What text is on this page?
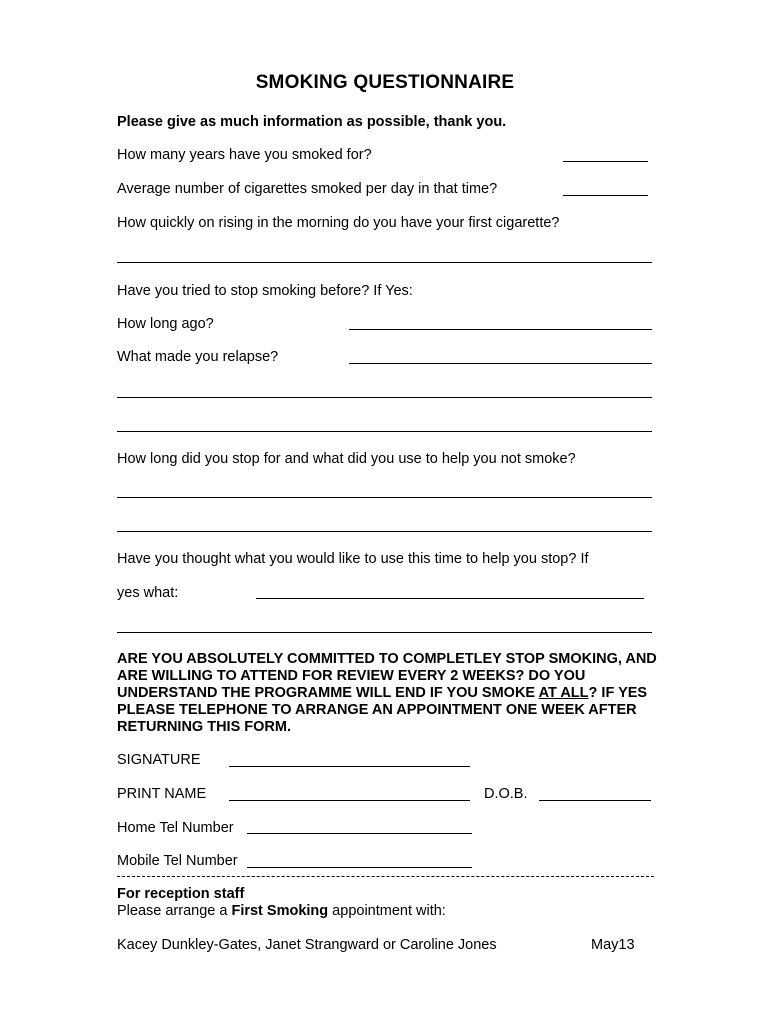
SMOKING QUESTIONNAIRE
Please give as much information as possible, thank you.
How many years have you smoked for?
Average number of cigarettes smoked per day in that time?
How quickly on rising in the morning do you have your first cigarette?
Have you tried to stop smoking before? If Yes:
How long ago?
What made you relapse?
How long did you stop for and what did you use to help you not smoke?
Have you thought what you would like to use this time to help you stop? If
yes what:
ARE YOU ABSOLUTELY COMMITTED TO COMPLETLEY STOP SMOKING, AND ARE WILLING TO ATTEND FOR REVIEW EVERY 2 WEEKS? DO YOU UNDERSTAND THE PROGRAMME WILL END IF YOU SMOKE AT ALL? IF YES PLEASE TELEPHONE TO ARRANGE AN APPOINTMENT ONE WEEK AFTER RETURNING THIS FORM.
SIGNATURE
PRINT NAME	D.O.B.
Home Tel Number
Mobile Tel Number
For reception staff
Please arrange a First Smoking appointment with:
Kacey Dunkley-Gates, Janet Strangward or Caroline Jones	May13
